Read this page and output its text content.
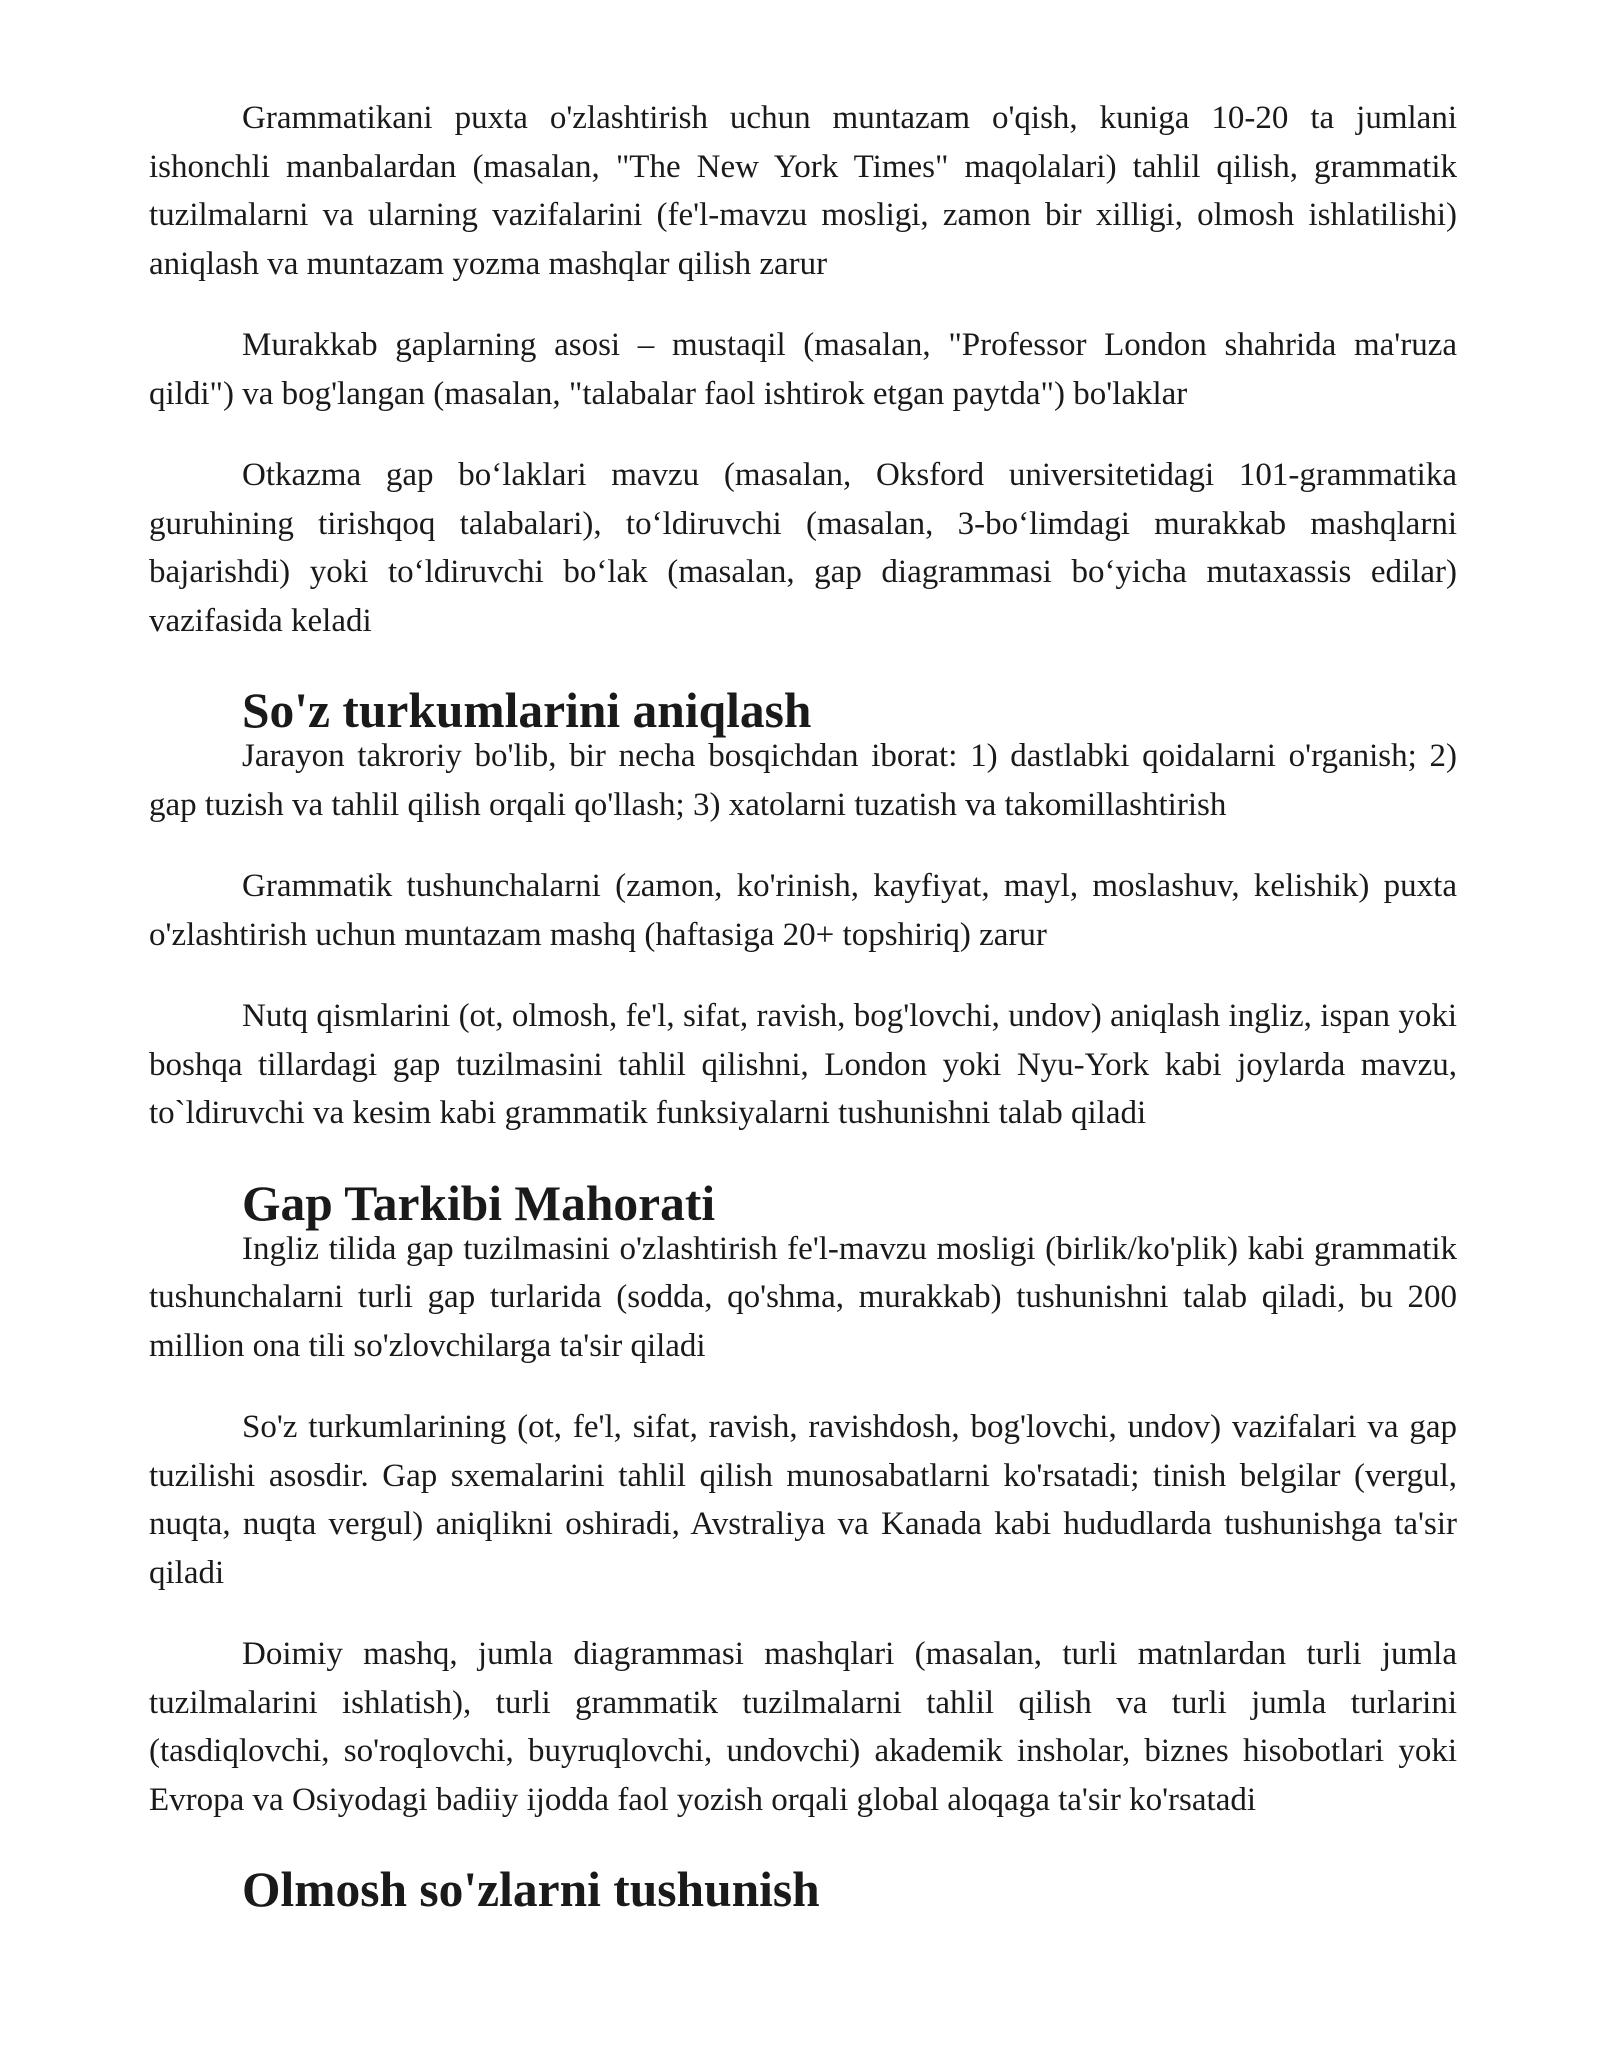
Grammatikani puxta o'zlashtirish uchun muntazam o'qish, kuniga 10-20 ta jumlani ishonchli manbalardan (masalan, "The New York Times" maqolalari) tahlil qilish, grammatik tuzilmalarni va ularning vazifalarini (fe'l-mavzu mosligi, zamon bir xilligi, olmosh ishlatilishi) aniqlash va muntazam yozma mashqlar qilish zarur

Murakkab gaplarning asosi – mustaqil (masalan, "Professor London shahrida ma'ruza qildi") va bog'langan (masalan, "talabalar faol ishtirok etgan paytda") bo'laklar

Otkazma gap bo‘laklari mavzu (masalan, Oksford universitetidagi 101-grammatika guruhining tirishqoq talabalari), to‘ldiruvchi (masalan, 3-bo‘limdagi murakkab mashqlarni bajarishdi) yoki to‘ldiruvchi bo‘lak (masalan, gap diagrammasi bo‘yicha mutaxassis edilar) vazifasida keladi

So'z turkumlarini aniqlash

Jarayon takroriy bo'lib, bir necha bosqichdan iborat: 1) dastlabki qoidalarni o'rganish; 2) gap tuzish va tahlil qilish orqali qo'llash; 3) xatolarni tuzatish va takomillashtirish

Grammatik tushunchalarni (zamon, ko'rinish, kayfiyat, mayl, moslashuv, kelishik) puxta o'zlashtirish uchun muntazam mashq (haftasiga 20+ topshiriq) zarur

Nutq qismlarini (ot, olmosh, fe'l, sifat, ravish, bog'lovchi, undov) aniqlash ingliz, ispan yoki boshqa tillardagi gap tuzilmasini tahlil qilishni, London yoki Nyu-York kabi joylarda mavzu, to`ldiruvchi va kesim kabi grammatik funksiyalarni tushunishni talab qiladi

Gap Tarkibi Mahorati

Ingliz tilida gap tuzilmasini o'zlashtirish fe'l-mavzu mosligi (birlik/ko'plik) kabi grammatik tushunchalarni turli gap turlarida (sodda, qo'shma, murakkab) tushunishni talab qiladi, bu 200 million ona tili so'zlovchilarga ta'sir qiladi

So'z turkumlarining (ot, fe'l, sifat, ravish, ravishdosh, bog'lovchi, undov) vazifalari va gap tuzilishi asosdir. Gap sxemalarini tahlil qilish munosabatlarni ko'rsatadi; tinish belgilar (vergul, nuqta, nuqta vergul) aniqlikni oshiradi, Avstraliya va Kanada kabi hududlarda tushunishga ta'sir qiladi

Doimiy mashq, jumla diagrammasi mashqlari (masalan, turli matnlardan turli jumla tuzilmalarini ishlatish), turli grammatik tuzilmalarni tahlil qilish va turli jumla turlarini (tasdiqlovchi, so'roqlovchi, buyruqlovchi, undovchi) akademik insholar, biznes hisobotlari yoki Evropa va Osiyodagi badiiy ijodda faol yozish orqali global aloqaga ta'sir ko'rsatadi

Olmosh so'zlarni tushunish
